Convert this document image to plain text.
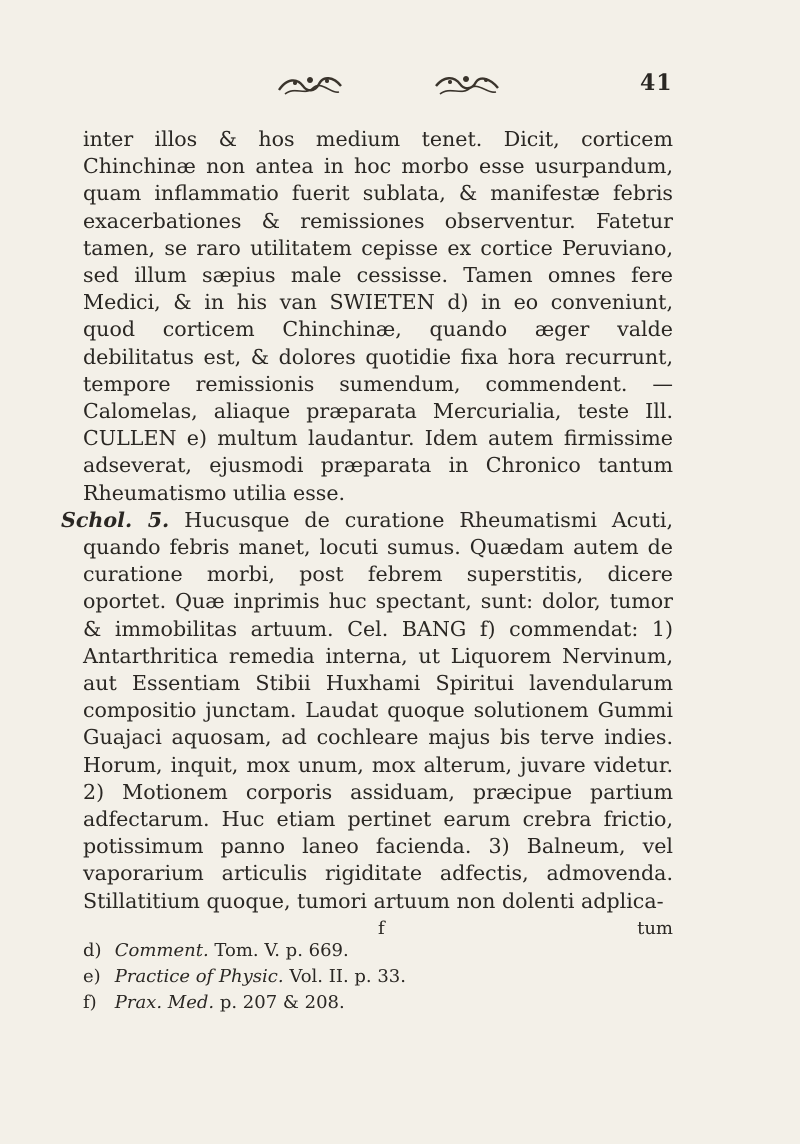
41

inter illos & hos medium tenet. Dicit, corticem Chinchinæ non antea in hoc morbo esse usurpandum, quam inflammatio fuerit sublata, & manifestæ febris exacerbationes & remissiones observentur. Fatetur tamen, se raro utilitatem cepisse ex cortice Peruviano, sed illum sæpius male cessisse. Tamen omnes fere Medici, & in his van SWIETEN d) in eo conveniunt, quod corticem Chinchinæ, quando æger valde debilitatus est, & dolores quotidie fixa hora recurrunt, tempore remissionis sumendum, commendent. — Calomelas, aliaque præparata Mercurialia, teste Ill. CULLEN e) multum laudantur. Idem autem firmissime adseverat, ejusmodi præparata in Chronico tantum Rheumatismo utilia esse.

Schol. 5. Hucusque de curatione Rheumatismi Acuti, quando febris manet, locuti sumus. Quædam autem de curatione morbi, post febrem superstitis, dicere oportet. Quæ inprimis huc spectant, sunt: dolor, tumor & immobilitas artuum. Cel. BANG f) commendat: 1) Antarthritica remedia interna, ut Liquorem Nervinum, aut Essentiam Stibii Huxhami Spiritui lavendularum compositio junctam. Laudat quoque solutionem Gummi Guajaci aquosam, ad cochleare majus bis terve indies. Horum, inquit, mox unum, mox alterum, juvare videtur. 2) Motionem corporis assiduam, præcipue partium adfectarum. Huc etiam pertinet earum crebra frictio, potissimum panno laneo facienda. 3) Balneum, vel vaporarium articulis rigiditate adfectis, admovenda. Stillatitium quoque, tumori artuum non dolenti adplica-

f	tum

d) Comment. Tom. V. p. 669.

e) Practice of Physic. Vol. II. p. 33.

f) Prax. Med. p. 207 & 208.
